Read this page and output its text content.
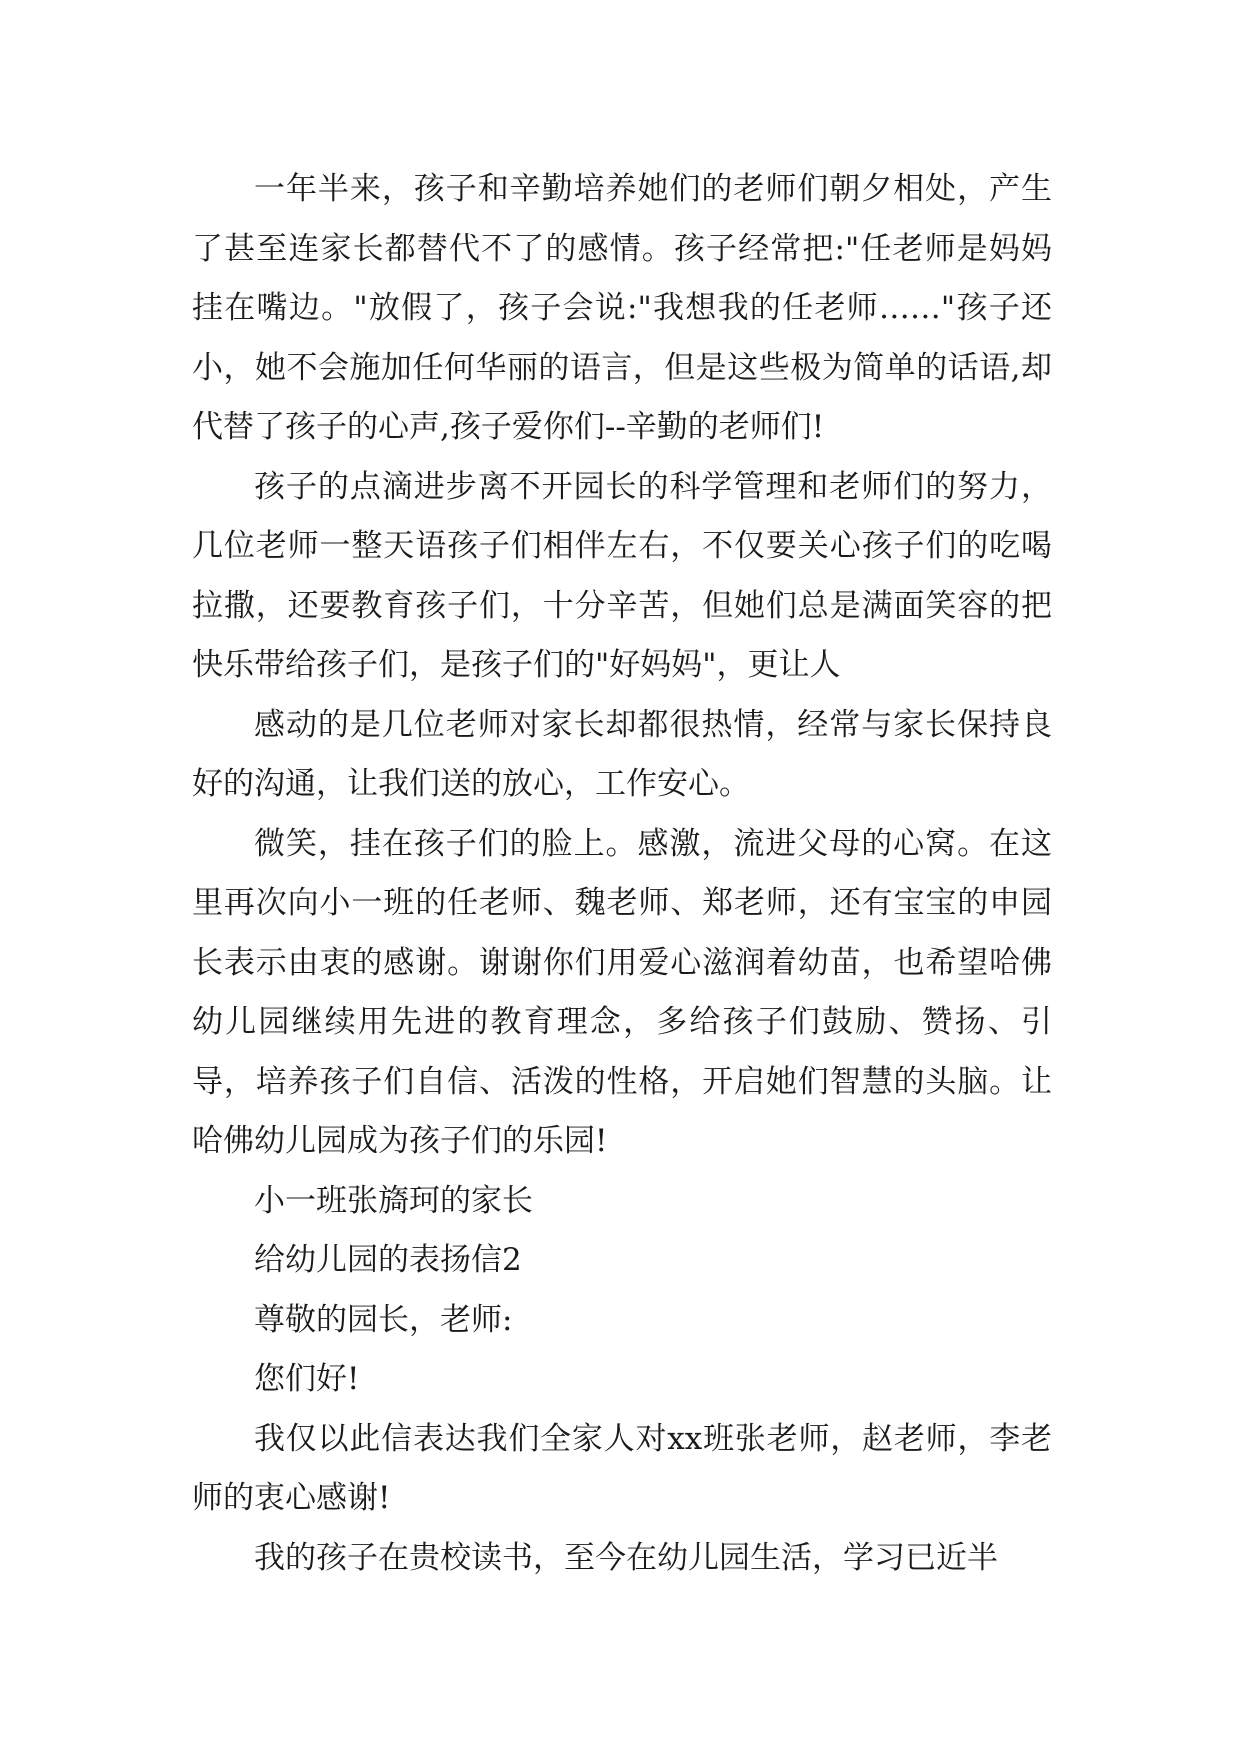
一年半来，孩子和辛勤培养她们的老师们朝夕相处，产生了甚至连家长都替代不了的感情。孩子经常把:"任老师是妈妈挂在嘴边。"放假了，孩子会说:"我想我的任老师……"孩子还小，她不会施加任何华丽的语言，但是这些极为简单的话语,却代替了孩子的心声,孩子爱你们--辛勤的老师们!

孩子的点滴进步离不开园长的科学管理和老师们的努力，几位老师一整天语孩子们相伴左右，不仅要关心孩子们的吃喝拉撒，还要教育孩子们，十分辛苦，但她们总是满面笑容的把快乐带给孩子们，是孩子们的"好妈妈"，更让人

感动的是几位老师对家长却都很热情，经常与家长保持良好的沟通，让我们送的放心，工作安心。

微笑，挂在孩子们的脸上。感激，流进父母的心窝。在这里再次向小一班的任老师、魏老师、郑老师，还有宝宝的申园长表示由衷的感谢。谢谢你们用爱心滋润着幼苗，也希望哈佛幼儿园继续用先进的教育理念，多给孩子们鼓励、赞扬、引导，培养孩子们自信、活泼的性格，开启她们智慧的头脑。让哈佛幼儿园成为孩子们的乐园!

小一班张旖珂的家长

给幼儿园的表扬信2

尊敬的园长，老师:

您们好!

我仅以此信表达我们全家人对xx班张老师，赵老师，李老师的衷心感谢!

我的孩子在贵校读书，至今在幼儿园生活，学习已近半
